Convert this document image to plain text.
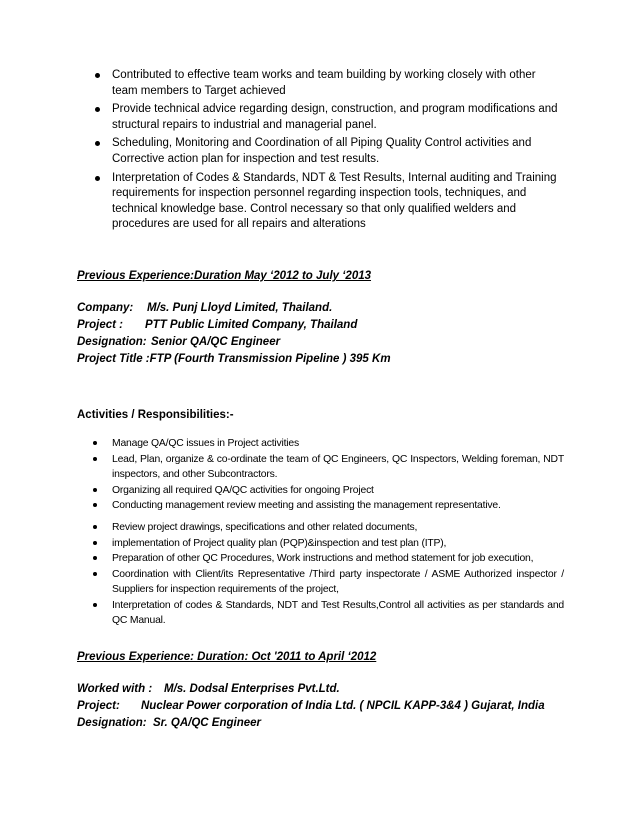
Contributed to effective team works and team building by working closely with other team members to Target achieved
Provide technical advice regarding design, construction, and program modifications and structural repairs to industrial and managerial panel.
Scheduling, Monitoring and Coordination of all Piping Quality Control activities and Corrective action plan for inspection and test results.
Interpretation of Codes & Standards, NDT & Test Results, Internal auditing and Training requirements for inspection personnel regarding inspection tools, techniques, and technical knowledge base. Control necessary so that only qualified welders and procedures are used for all repairs and alterations
Previous Experience:Duration May ‘2012 to July ‘2013
Company: M/s. Punj Lloyd Limited, Thailand.
Project : PTT Public Limited Company, Thailand
Designation: Senior QA/QC Engineer
Project Title :FTP (Fourth Transmission Pipeline ) 395 Km
Activities / Responsibilities:-
Manage QA/QC issues in Project activities
Lead, Plan, organize & co-ordinate the team of QC Engineers, QC Inspectors, Welding foreman, NDT inspectors, and other Subcontractors.
Organizing all required QA/QC activities for ongoing Project
Conducting management review meeting and assisting the management representative.
Review project drawings, specifications and other related documents,
implementation of Project quality plan (PQP)&inspection and test plan (ITP),
Preparation of other QC Procedures, Work instructions and method statement for job execution,
Coordination with Client/its Representative /Third party inspectorate / ASME Authorized inspector / Suppliers for inspection requirements of the project,
Interpretation of codes & Standards, NDT and Test Results,Control all activities as per standards and QC Manual.
Previous Experience: Duration: Oct '2011 to April ‘2012
Worked with : M/s. Dodsal Enterprises Pvt.Ltd.
Project: Nuclear Power corporation of India Ltd. ( NPCIL KAPP-3&4 ) Gujarat, India
Designation: Sr. QA/QC Engineer
